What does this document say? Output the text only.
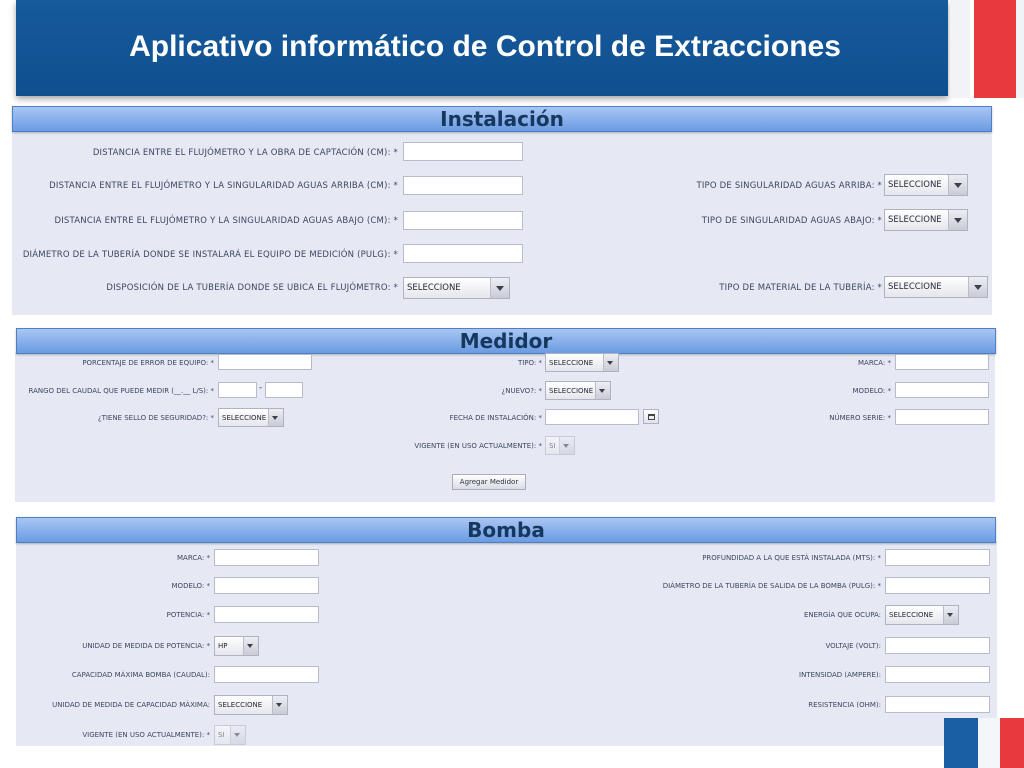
Aplicativo informático de Control de Extracciones
Instalación
DISTANCIA ENTRE EL FLUJÓMETRO Y LA OBRA DE CAPTACIÓN (CM): *
DISTANCIA ENTRE EL FLUJÓMETRO Y LA SINGULARIDAD AGUAS ARRIBA (CM): *
DISTANCIA ENTRE EL FLUJÓMETRO Y LA SINGULARIDAD AGUAS ABAJO (CM): *
DIÁMETRO DE LA TUBERÍA DONDE SE INSTALARÁ EL EQUIPO DE MEDICIÓN (PULG): *
DISPOSICIÓN DE LA TUBERÍA DONDE SE UBICA EL FLUJÓMETRO: * SELECCIONE
TIPO DE SINGULARIDAD AGUAS ARRIBA: * SELECCIONE
TIPO DE SINGULARIDAD AGUAS ABAJO: * SELECCIONE
TIPO DE MATERIAL DE LA TUBERÍA: * SELECCIONE
Medidor
PORCENTAJE DE ERROR DE EQUIPO: *
RANGO DEL CAUDAL QUE PUEDE MEDIR (__.__ L/S): *	-
¿TIENE SELLO DE SEGURIDAD?: * SELECCIONE
TIPO: * SELECCIONE
¿NUEVO?: * SELECCIONE
FECHA DE INSTALACIÓN: *
VIGENTE (EN USO ACTUALMENTE): * SI
MARCA: *
MODELO: *
NÚMERO SERIE: *
Agregar Medidor
Bomba
MARCA: *
MODELO: *
POTENCIA: *
UNIDAD DE MEDIDA DE POTENCIA: * HP
CAPACIDAD MÁXIMA BOMBA (CAUDAL):
UNIDAD DE MEDIDA DE CAPACIDAD MÁXIMA: SELECCIONE
VIGENTE (EN USO ACTUALMENTE): * SI
PROFUNDIDAD A LA QUE ESTÁ INSTALADA (MTS): *
DIÁMETRO DE LA TUBERÍA DE SALIDA DE LA BOMBA (PULG): *
ENERGÍA QUE OCUPA: SELECCIONE
VOLTAJE (VOLT):
INTENSIDAD (AMPERE):
RESISTENCIA (OHM):
